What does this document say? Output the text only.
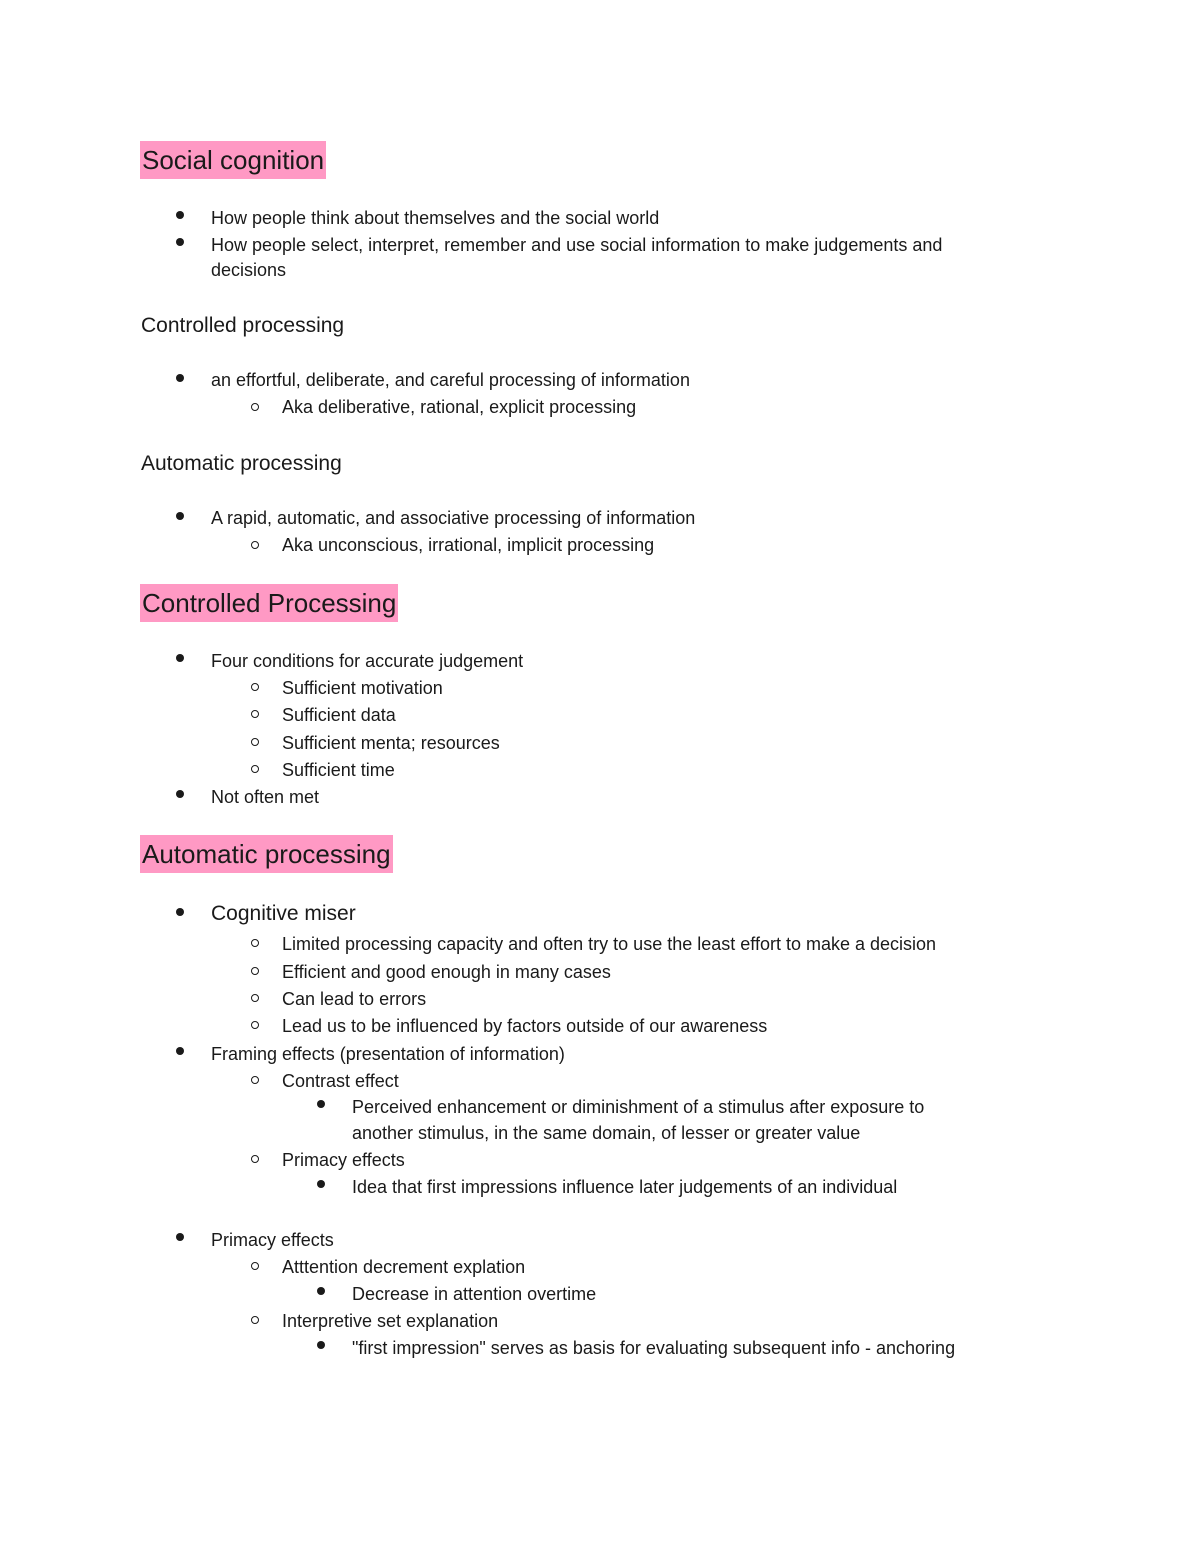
Social cognition
How people think about themselves and the social world
How people select, interpret, remember and use social information to make judgements and
decisions
Controlled processing
an effortful, deliberate, and careful processing of information
Aka deliberative, rational, explicit processing
Automatic processing
A rapid, automatic, and associative processing of information
Aka unconscious, irrational, implicit processing
Controlled Processing
Four conditions for accurate judgement
Sufficient motivation
Sufficient data
Sufficient menta; resources
Sufficient time
Not often met
Automatic processing
Cognitive miser
Limited processing capacity and often try to use the least effort to make a decision
Efficient and good enough in many cases
Can lead to errors
Lead us to be influenced by factors outside of our awareness
Framing effects (presentation of information)
Contrast effect
Perceived enhancement or diminishment of a stimulus after exposure to
another stimulus, in the same domain, of lesser or greater value
Primacy effects
Idea that first impressions influence later judgements of an individual
Primacy effects
Atttention decrement explation
Decrease in attention overtime
Interpretive set explanation
"first impression" serves as basis for evaluating subsequent info - anchoring
